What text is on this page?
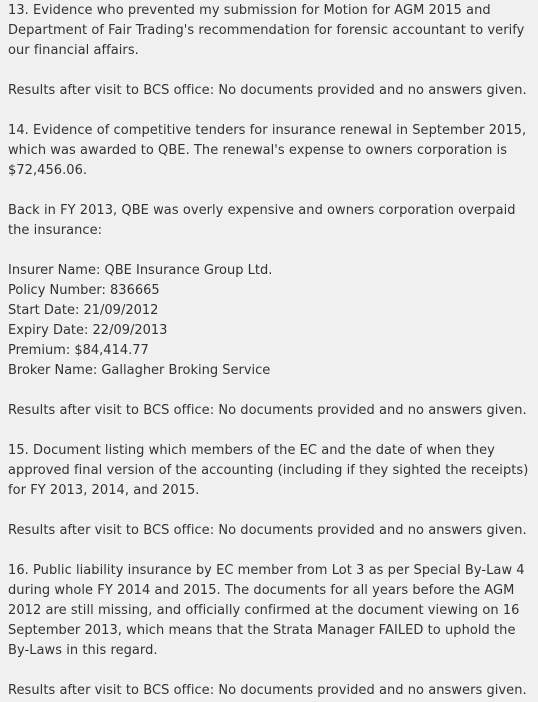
13. Evidence who prevented my submission for Motion for AGM 2015 and Department of Fair Trading's recommendation for forensic accountant to verify our financial affairs.

Results after visit to BCS office: No documents provided and no answers given.

14. Evidence of competitive tenders for insurance renewal in September 2015, which was awarded to QBE. The renewal's expense to owners corporation is $72,456.06.

Back in FY 2013, QBE was overly expensive and owners corporation overpaid the insurance:

Insurer Name: QBE Insurance Group Ltd.
Policy Number: 836665
Start Date: 21/09/2012
Expiry Date: 22/09/2013
Premium: $84,414.77
Broker Name: Gallagher Broking Service

Results after visit to BCS office: No documents provided and no answers given.

15. Document listing which members of the EC and the date of when they approved final version of the accounting (including if they sighted the receipts) for FY 2013, 2014, and 2015.

Results after visit to BCS office: No documents provided and no answers given.

16. Public liability insurance by EC member from Lot 3 as per Special By-Law 4 during whole FY 2014 and 2015. The documents for all years before the AGM 2012 are still missing, and officially confirmed at the document viewing on 16 September 2013, which means that the Strata Manager FAILED to uphold the By-Laws in this regard.

Results after visit to BCS office: No documents provided and no answers given.
